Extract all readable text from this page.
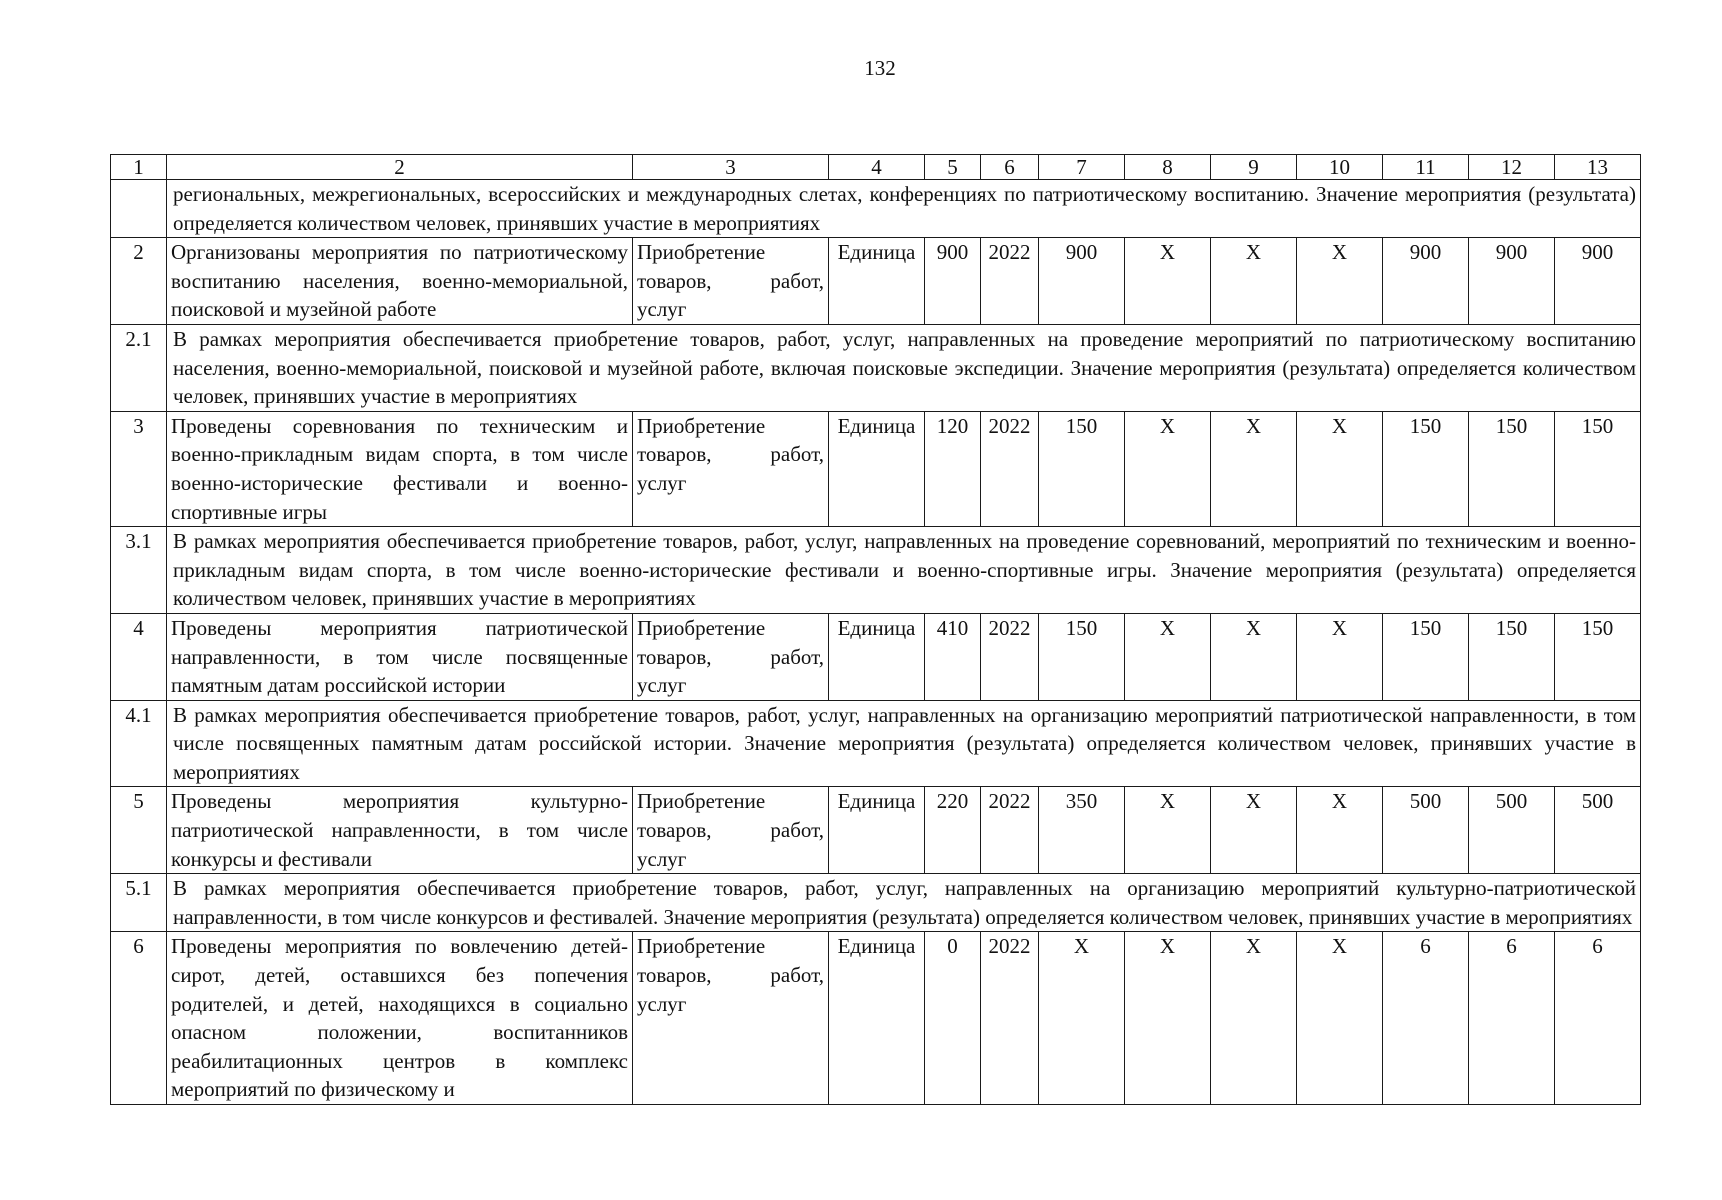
132
1	2	3	4	5	6	7	8	9	10	11	12	13
	региональных, межрегиональных, всероссийских и международных слетах, конференциях по патриотическому воспитанию. Значение мероприятия (результата) определяется количеством человек, принявших участие в мероприятиях											
2	Организованы мероприятия по патриотическому воспитанию населения, военно-мемориальной, поисковой и музейной работе	Приобретение товаров, работ, услуг	Единица	900	2022	900	Х	Х	Х	900	900	900
2.1	В рамках мероприятия обеспечивается приобретение товаров, работ, услуг, направленных на проведение мероприятий по патриотическому воспитанию населения, военно-мемориальной, поисковой и музейной работе, включая поисковые экспедиции. Значение мероприятия (результата) определяется количеством человек, принявших участие в мероприятиях											
3	Проведены соревнования по техническим и военно-прикладным видам спорта, в том числе военно-исторические фестивали и военно-спортивные игры	Приобретение товаров, работ, услуг	Единица	120	2022	150	Х	Х	Х	150	150	150
3.1	В рамках мероприятия обеспечивается приобретение товаров, работ, услуг, направленных на проведение соревнований, мероприятий по техническим и военно-прикладным видам спорта, в том числе военно-исторические фестивали и военно-спортивные игры. Значение мероприятия (результата) определяется количеством человек, принявших участие в мероприятиях											
4	Проведены мероприятия патриотической направленности, в том числе посвященные памятным датам российской истории	Приобретение товаров, работ, услуг	Единица	410	2022	150	Х	Х	Х	150	150	150
4.1	В рамках мероприятия обеспечивается приобретение товаров, работ, услуг, направленных на организацию мероприятий патриотической направленности, в том числе посвященных памятным датам российской истории. Значение мероприятия (результата) определяется количеством человек, принявших участие в мероприятиях											
5	Проведены мероприятия культурно-патриотической направленности, в том числе конкурсы и фестивали	Приобретение товаров, работ, услуг	Единица	220	2022	350	Х	Х	Х	500	500	500
5.1	В рамках мероприятия обеспечивается приобретение товаров, работ, услуг, направленных на организацию мероприятий культурно-патриотической направленности, в том числе конкурсов и фестивалей. Значение мероприятия (результата) определяется количеством человек, принявших участие в мероприятиях											
6	Проведены мероприятия по вовлечению детей-сирот, детей, оставшихся без попечения родителей, и детей, находящихся в социально опасном положении, воспитанников реабилитационных центров в комплекс мероприятий по физическому и	Приобретение товаров, работ, услуг	Единица	0	2022	Х	Х	Х	Х	6	6	6
